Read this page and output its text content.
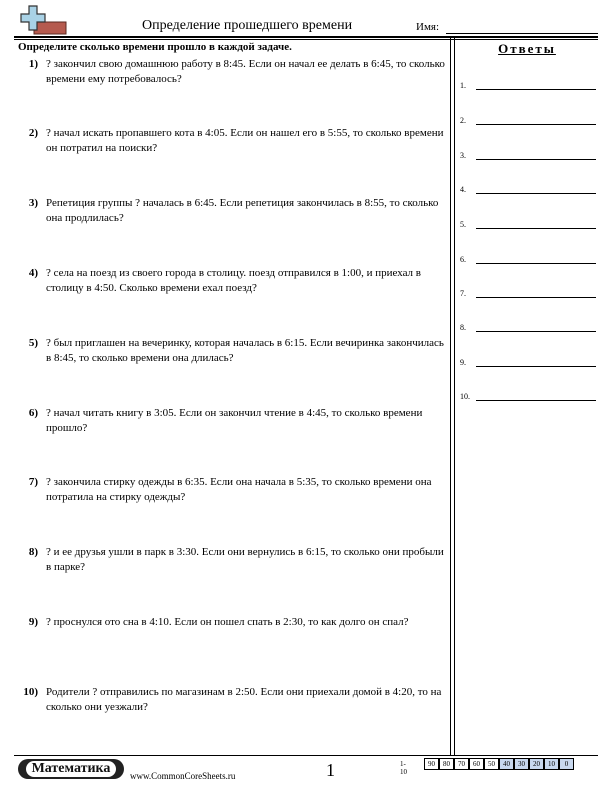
Определение прошедшего времени	Имя:
Определите сколько времени прошло в каждой задаче.
1) ? закончил свою домашнюю работу в 8:45. Если он начал ее делать в 6:45, то сколько времени ему потребовалось?
2) ? начал искать пропавшего кота в 4:05. Если он нашел его в 5:55, то сколько времени он потратил на поиски?
3) Репетиция группы ? началась в 6:45. Если репетиция закончилась в 8:55, то сколько она продлилась?
4) ? села на поезд из своего города в столицу. поезд отправился в 1:00, и приехал в столицу в 4:50. Сколько времени ехал поезд?
5) ? был приглашен на вечеринку, которая началась в 6:15. Если вечиринка закончилась в 8:45, то сколько времени она длилась?
6) ? начал читать книгу в 3:05. Если он закончил чтение в 4:45, то сколько времени прошло?
7) ? закончила стирку одежды в 6:35. Если она начала в 5:35, то сколько времени она потратила на стирку одежды?
8) ? и ее друзья ушли в парк в 3:30. Если они вернулись в 6:15, то сколько они пробыли в парке?
9) ? проснулся ото сна в 4:10. Если он пошел спать в 2:30, то как долго он спал?
10) Родители ? отправились по магазинам в 2:50. Если они приехали домой в 4:20, то на сколько они уезжали?
Ответы
1.
2.
3.
4.
5.
6.
7.
8.
9.
10.
Математика	www.CommonCoreSheets.ru	1	1-10
90	80	70	60	50	40	30	20	10	0
